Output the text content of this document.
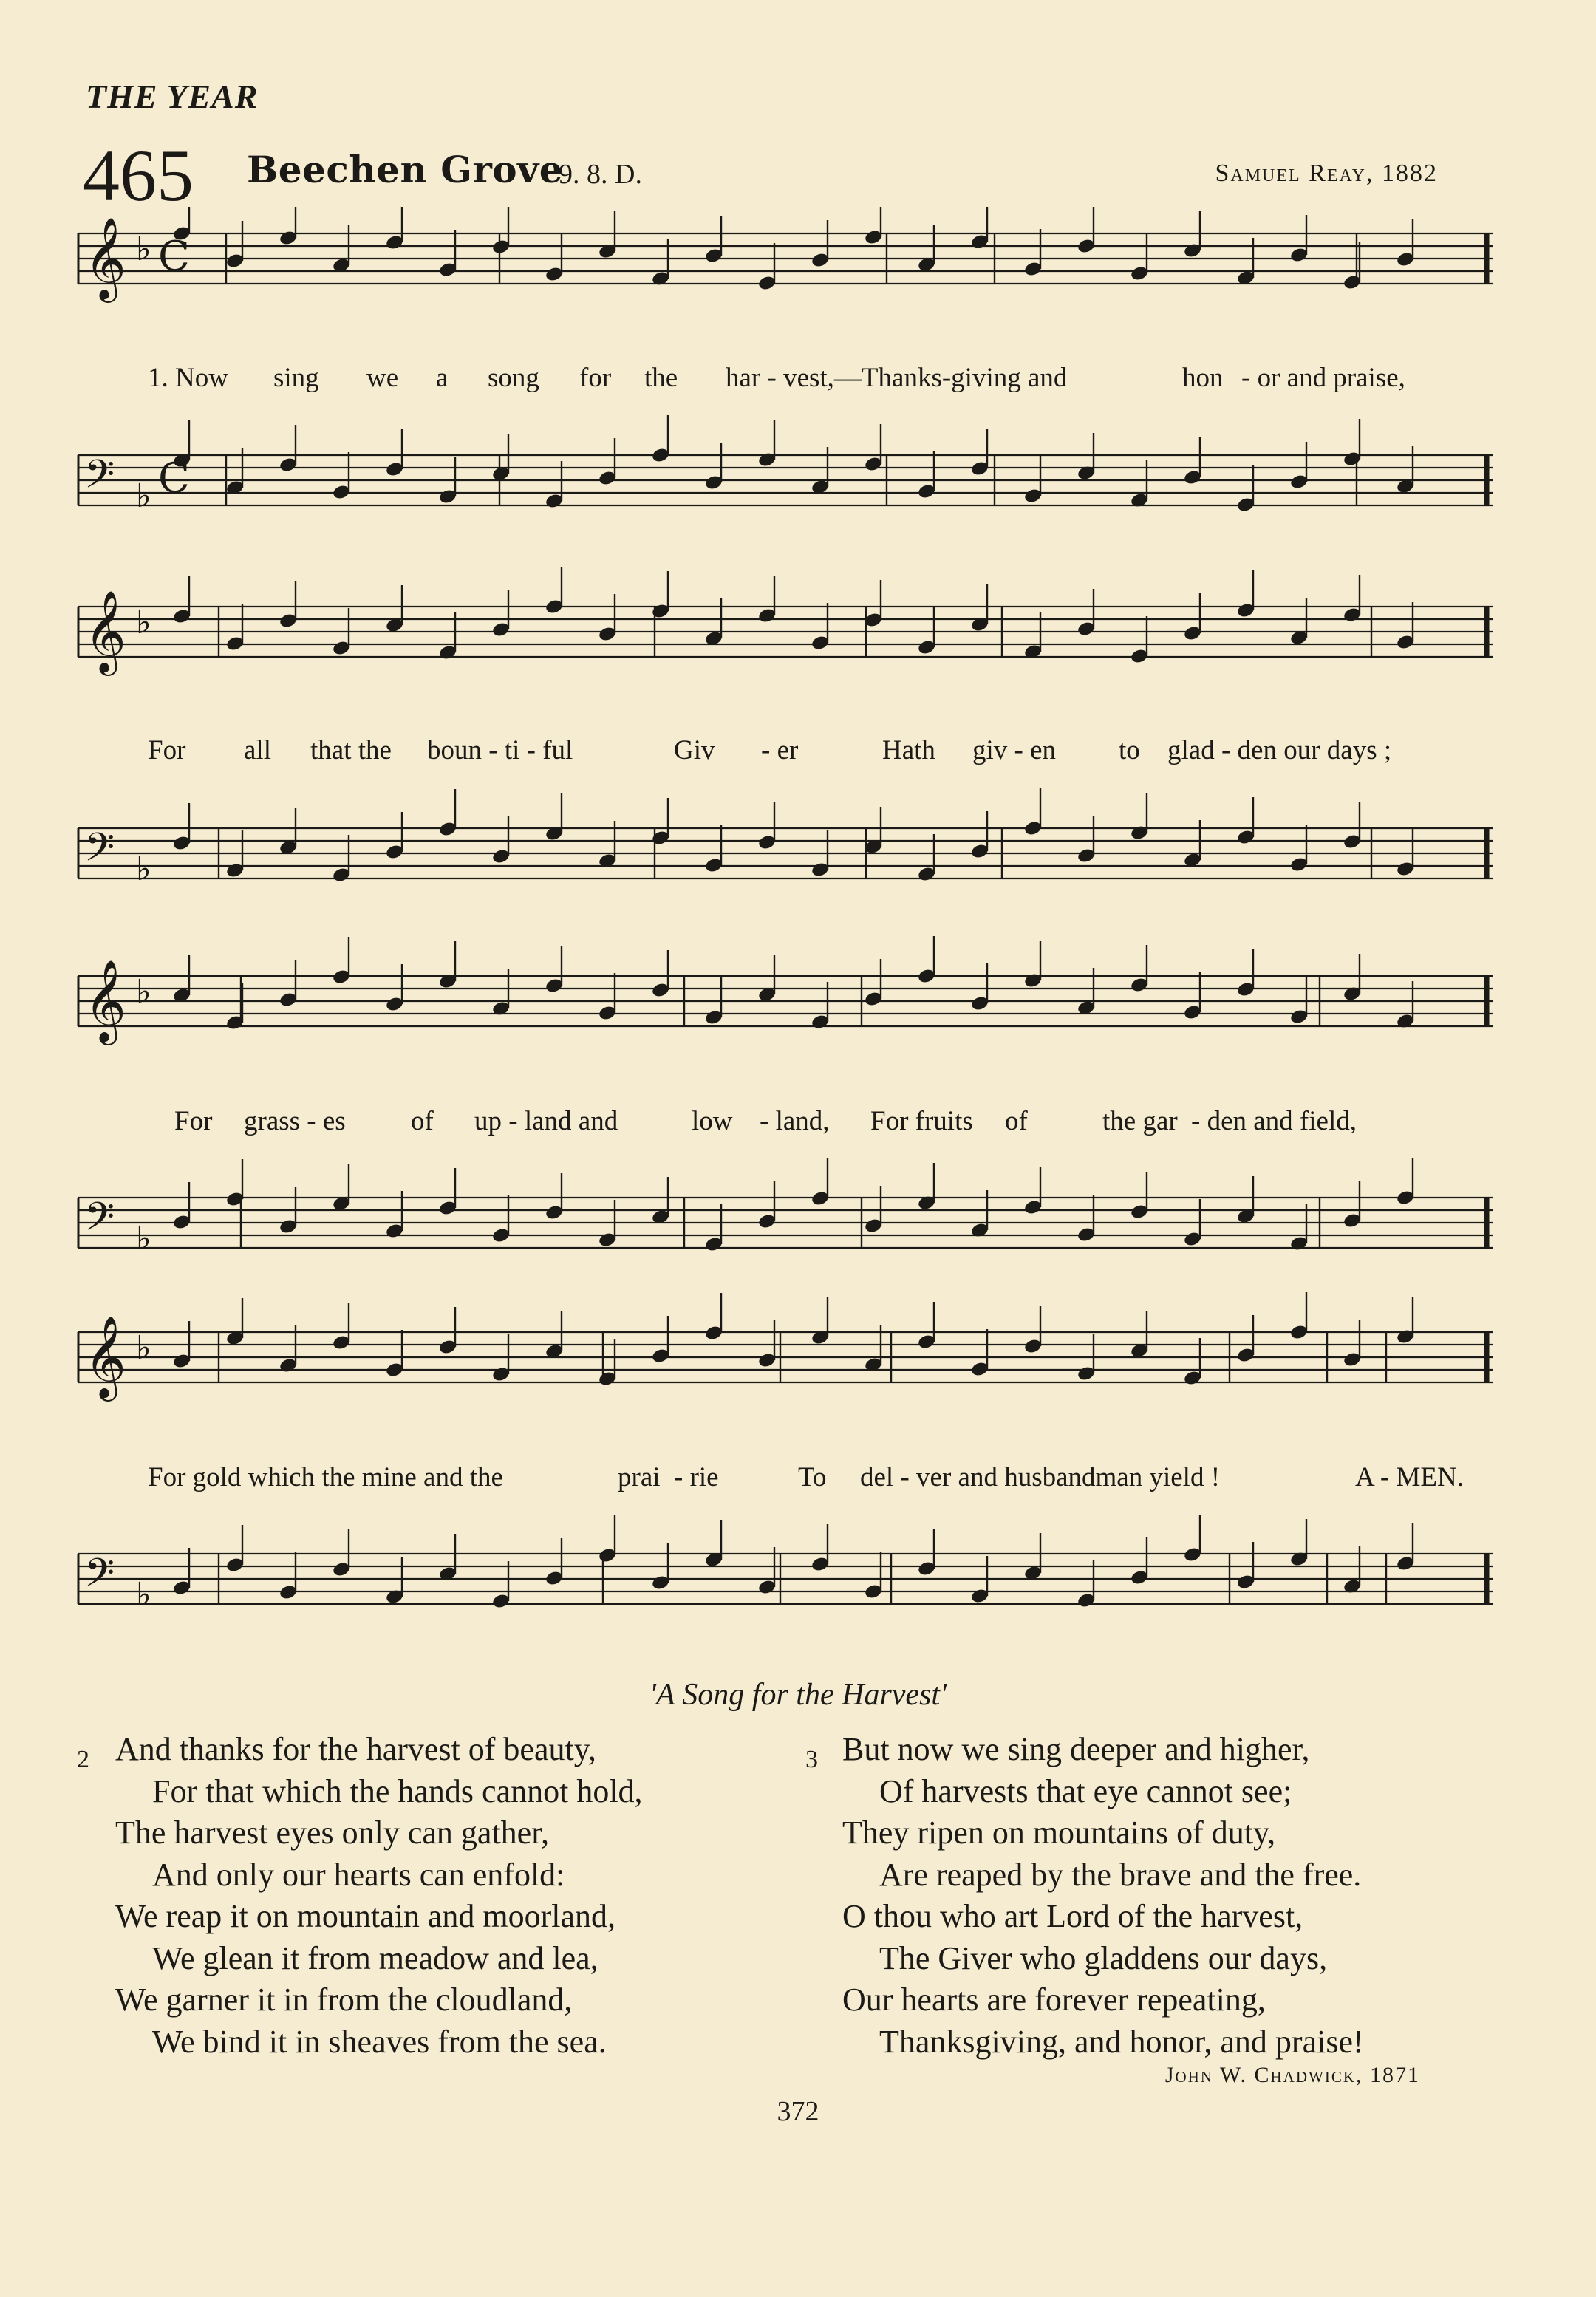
THE YEAR
465 Beechen Grove
9. 8. D.	Samuel Reay, 1882
𝄞 ♭
𝄢 ♭
𝄞 ♭
𝄢 ♭
𝄞 ♭
𝄢 ♭
𝄞 ♭
𝄢 ♭
C
C
1. Now sing we a song for the har - vest,—Thanks-giving and	hon - or and praise,
For all that the boun - ti - ful	Giv - er	Hath giv - en to glad - den our days ;
For grass - es of up - land and	low - land, For fruits of	the gar - den and field,
For gold which the mine and the	prai - rie	To del - ver and husbandman yield !	A - MEN.
'A Song for the Harvest'
2 And thanks for the harvest of beauty,
For that which the hands cannot hold,
The harvest eyes only can gather,
And only our hearts can enfold:
We reap it on mountain and moorland,
We glean it from meadow and lea,
We garner it in from the cloudland,
We bind it in sheaves from the sea.
3 But now we sing deeper and higher,
Of harvests that eye cannot see;
They ripen on mountains of duty,
Are reaped by the brave and the free.
O thou who art Lord of the harvest,
The Giver who gladdens our days,
Our hearts are forever repeating,
Thanksgiving, and honor, and praise!
John W. Chadwick, 1871
372
